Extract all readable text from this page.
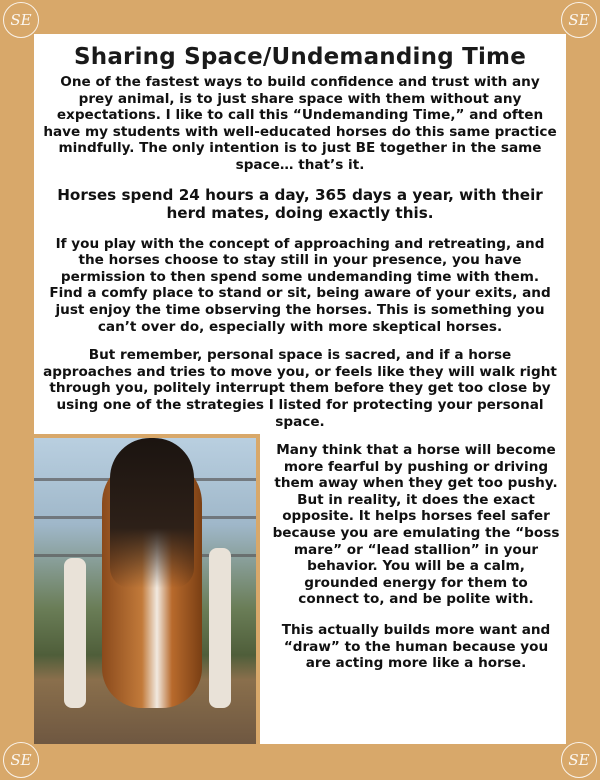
SE	SE
SE	SE
Sharing Space/Undemanding Time

One of the fastest ways to build confidence and trust with any prey animal, is to just share space with them without any expectations. I like to call this “Undemanding Time,” and often have my students with well-educated horses do this same practice mindfully. The only intention is to just BE together in the same space… that’s it.

Horses spend 24 hours a day, 365 days a year, with their herd mates, doing exactly this.

If you play with the concept of approaching and retreating, and the horses choose to stay still in your presence, you have permission to then spend some undemanding time with them. Find a comfy place to stand or sit, being aware of your exits, and just enjoy the time observing the horses. This is something you can’t over do, especially with more skeptical horses.

But remember, personal space is sacred, and if a horse approaches and tries to move you, or feels like they will walk right through you, politely interrupt them before they get too close by using one of the strategies I listed for protecting your personal space.

Many think that a horse will become more fearful by pushing or driving them away when they get too pushy. But in reality, it does the exact opposite. It helps horses feel safer because you are emulating the “boss mare” or “lead stallion” in your behavior. You will be a calm, grounded energy for them to connect to, and be polite with.

This actually builds more want and “draw” to the human because you are acting more like a horse.
